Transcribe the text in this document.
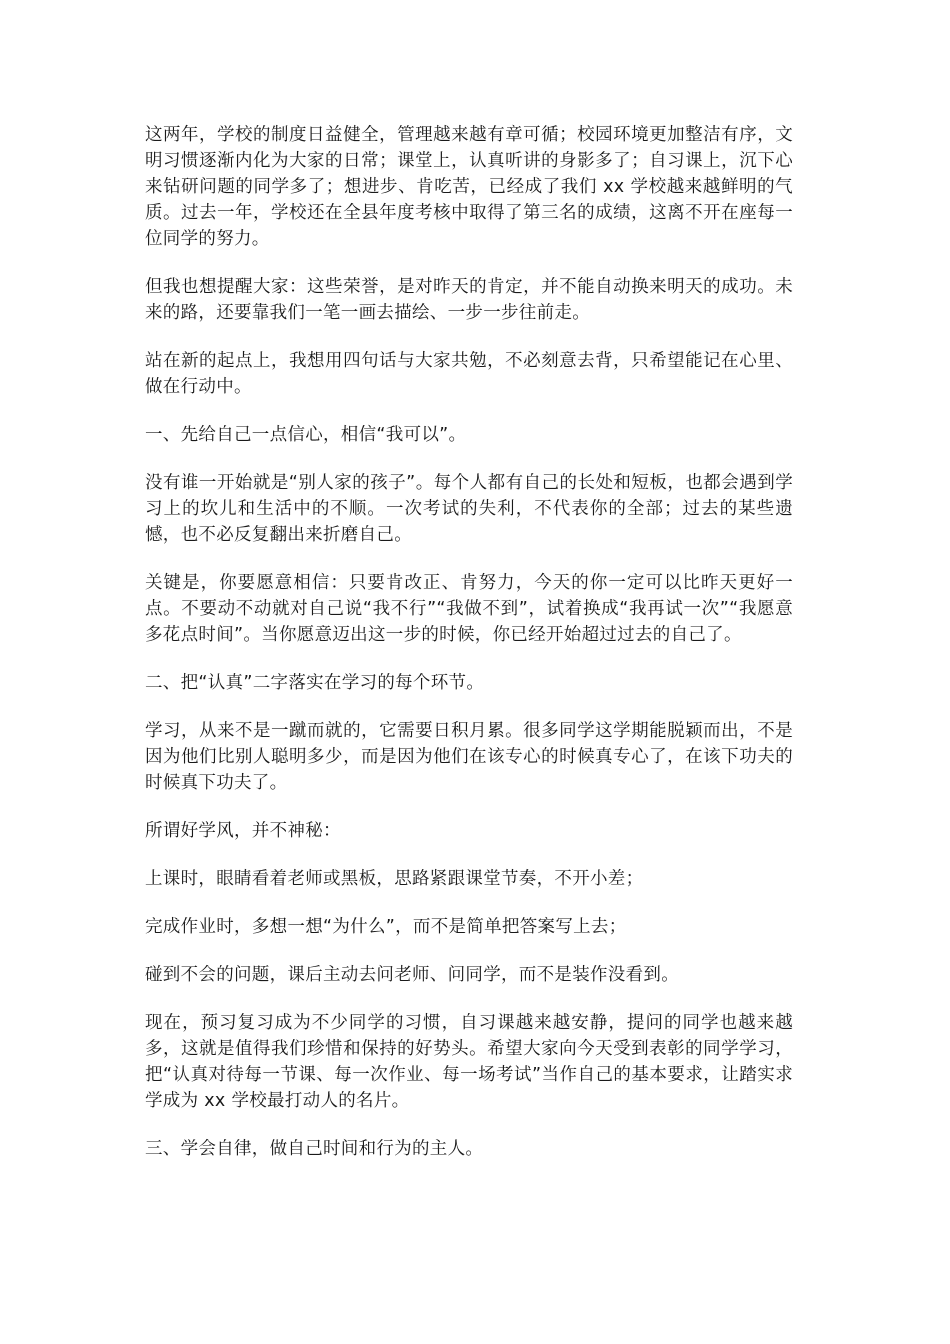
这两年，学校的制度日益健全，管理越来越有章可循；校园环境更加整洁有序，文明习惯逐渐内化为大家的日常；课堂上，认真听讲的身影多了；自习课上，沉下心来钻研问题的同学多了；想进步、肯吃苦，已经成了我们 xx 学校越来越鲜明的气质。过去一年，学校还在全县年度考核中取得了第三名的成绩，这离不开在座每一位同学的努力。

但我也想提醒大家：这些荣誉，是对昨天的肯定，并不能自动换来明天的成功。未来的路，还要靠我们一笔一画去描绘、一步一步往前走。

站在新的起点上，我想用四句话与大家共勉，不必刻意去背，只希望能记在心里、做在行动中。

一、先给自己一点信心，相信“我可以”。

没有谁一开始就是“别人家的孩子”。每个人都有自己的长处和短板，也都会遇到学习上的坎儿和生活中的不顺。一次考试的失利，不代表你的全部；过去的某些遗憾，也不必反复翻出来折磨自己。

关键是，你要愿意相信：只要肯改正、肯努力，今天的你一定可以比昨天更好一点。不要动不动就对自己说“我不行”“我做不到”，试着换成“我再试一次”“我愿意多花点时间”。当你愿意迈出这一步的时候，你已经开始超过过去的自己了。

二、把“认真”二字落实在学习的每个环节。

学习，从来不是一蹴而就的，它需要日积月累。很多同学这学期能脱颖而出，不是因为他们比别人聪明多少，而是因为他们在该专心的时候真专心了，在该下功夫的时候真下功夫了。

所谓好学风，并不神秘：

上课时，眼睛看着老师或黑板，思路紧跟课堂节奏，不开小差；

完成作业时，多想一想“为什么”，而不是简单把答案写上去；

碰到不会的问题，课后主动去问老师、问同学，而不是装作没看到。

现在，预习复习成为不少同学的习惯，自习课越来越安静，提问的同学也越来越多，这就是值得我们珍惜和保持的好势头。希望大家向今天受到表彰的同学学习，把“认真对待每一节课、每一次作业、每一场考试”当作自己的基本要求，让踏实求学成为 xx 学校最打动人的名片。

三、学会自律，做自己时间和行为的主人。
